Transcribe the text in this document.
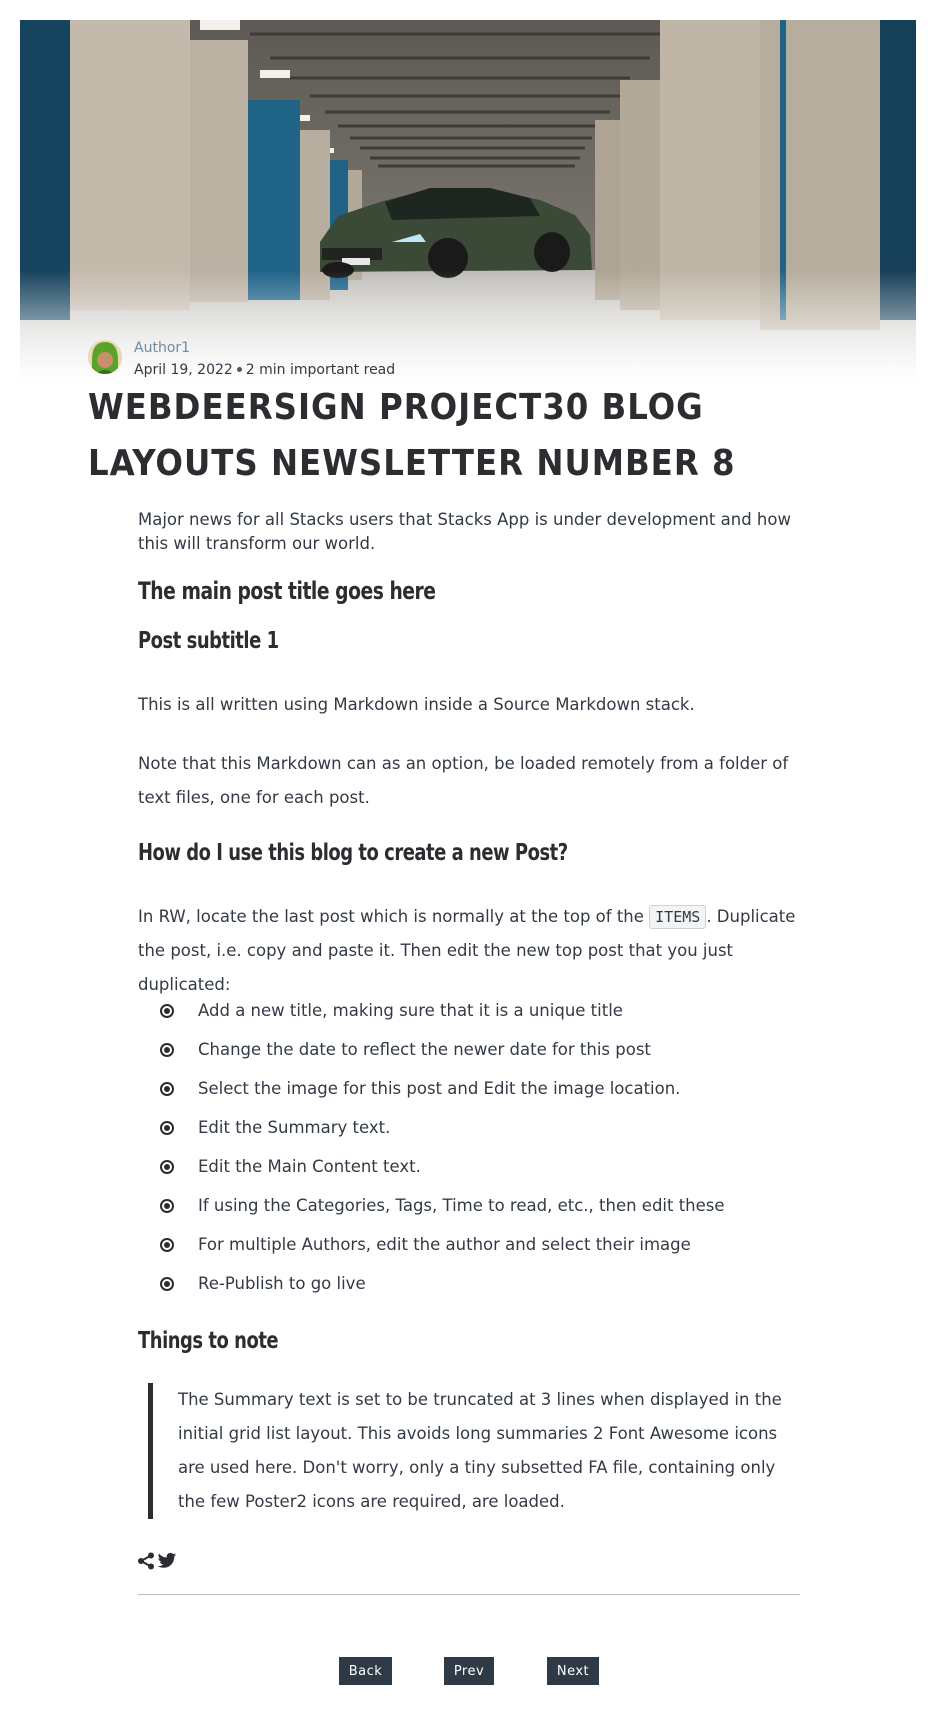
Author1
April 19, 2022 2 min important read
WEBDEERSIGN PROJECT30 BLOG LAYOUTS NEWSLETTER NUMBER 8
Major news for all Stacks users that Stacks App is under development and how this will transform our world.
The main post title goes here
Post subtitle 1

This is all written using Markdown inside a Source Markdown stack.

Note that this Markdown can as an option, be loaded remotely from a folder of text files, one for each post.

How do I use this blog to create a new Post?

In RW, locate the last post which is normally at the top of the ITEMS . Duplicate the post, i.e. copy and paste it. Then edit the new top post that you just duplicated:

Add a new title, making sure that it is a unique title
Change the date to reflect the newer date for this post
Select the image for this post and Edit the image location.
Edit the Summary text.
Edit the Main Content text.
If using the Categories, Tags, Time to read, etc., then edit these
For multiple Authors, edit the author and select their image
Re-Publish to go live
Things to note
The Summary text is set to be truncated at 3 lines when displayed in the initial grid list layout. This avoids long summaries 2 Font Awesome icons are used here. Don't worry, only a tiny subsetted FA file, containing only the few Poster2 icons are required, are loaded.
Back	Prev	Next
